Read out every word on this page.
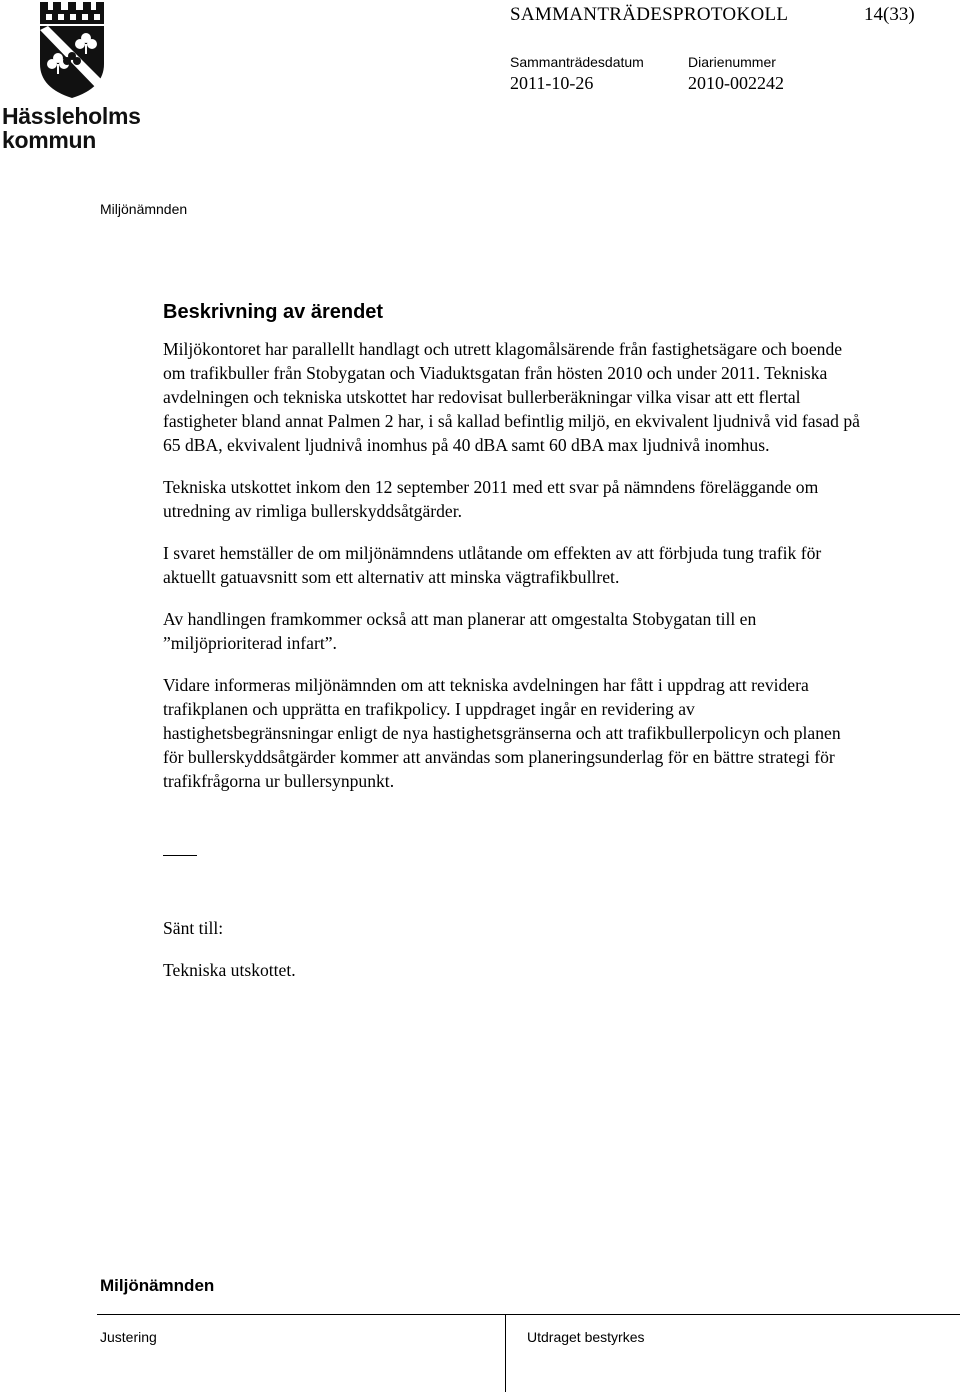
Hässleholms
kommun
SAMMANTRÄDESPROTOKOLL	14(33)
Sammanträdesdatum
2011-10-26
Diarienummer
2010-002242
Miljönämnden
Beskrivning av ärendet

Miljökontoret har parallellt handlagt och utrett klagomålsärende från fastighetsägare och boende om trafikbuller från Stobygatan och Viaduktsgatan från hösten 2010 och under 2011. Tekniska avdelningen och tekniska utskottet har redovisat bullerberäkningar vilka visar att ett flertal fastigheter bland annat Palmen 2 har, i så kallad befintlig miljö, en ekvivalent ljudnivå vid fasad på 65 dBA, ekvivalent ljudnivå inomhus på 40 dBA samt 60 dBA max ljudnivå inomhus.

Tekniska utskottet inkom den 12 september 2011 med ett svar på nämndens föreläggande om utredning av rimliga bullerskyddsåtgärder.

I svaret hemställer de om miljönämndens utlåtande om effekten av att förbjuda tung trafik för aktuellt gatuavsnitt som ett alternativ att minska vägtrafikbullret.

Av handlingen framkommer också att man planerar att omgestalta Stobygatan till en ”miljöprioriterad infart”.

Vidare informeras miljönämnden om att tekniska avdelningen har fått i uppdrag att revidera trafikplanen och upprätta en trafikpolicy. I uppdraget ingår en revidering av hastighetsbegränsningar enligt de nya hastighetsgränserna och att trafikbullerpolicyn och planen för bullerskyddsåtgärder kommer att användas som planeringsunderlag för en bättre strategi för trafikfrågorna ur bullersynpunkt.

Sänt till:
Tekniska utskottet.
Miljönämnden
Justering	Utdraget bestyrkes
